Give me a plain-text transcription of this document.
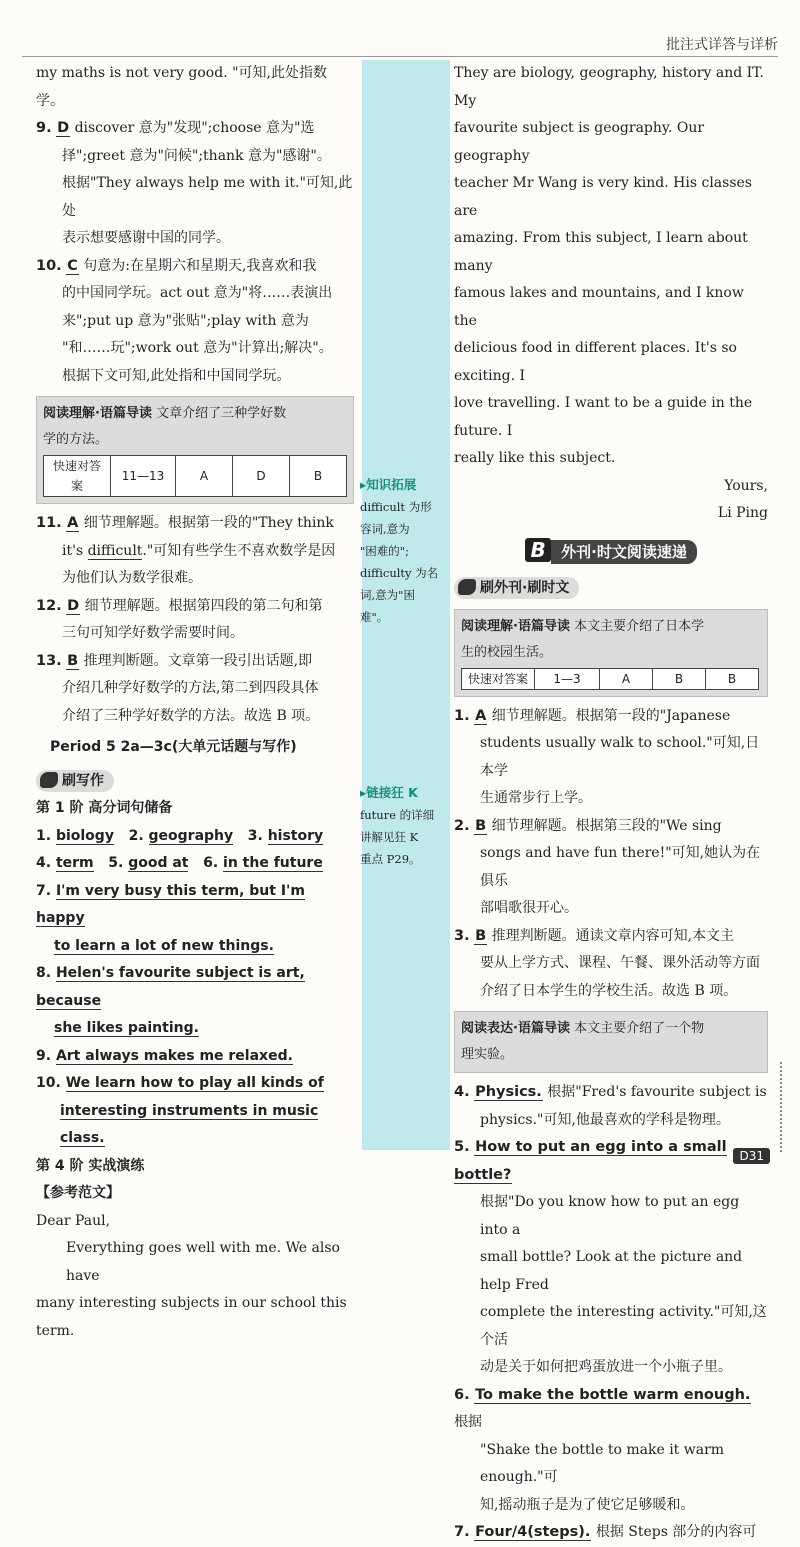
批注式详答与详析

my maths is not very good. "可知,此处指数学。

9. D discover 意为"发现";choose 意为"选
择";greet 意为"问候";thank 意为"感谢"。
根据"They always help me with it."可知,此处
表示想要感谢中国的同学。
10. C 句意为:在星期六和星期天,我喜欢和我
的中国同学玩。act out 意为"将……表演出
来";put up 意为"张贴";play with 意为
"和……玩";work out 意为"计算出;解决"。
根据下文可知,此处指和中国同学玩。
阅读理解·语篇导读 文章介绍了三种学好数
学的方法。
快速对答案	11—13	A	D	B
11. A 细节理解题。根据第一段的"They think
it's difficult."可知有些学生不喜欢数学是因
为他们认为数学很难。
12. D 细节理解题。根据第四段的第二句和第
三句可知学好数学需要时间。
13. B 推理判断题。文章第一段引出话题,即
介绍几种学好数学的方法,第二到四段具体
介绍了三种学好数学的方法。故选 B 项。
Period 5 2a—3c(大单元话题与写作)
刷写作
第 1 阶 高分词句储备
1. biology 2. geography 3. history
4. term 5. good at 6. in the future
7. I'm very busy this term, but I'm happy
to learn a lot of new things.
8. Helen's favourite subject is art, because
she likes painting.
9. Art always makes me relaxed.
10. We learn how to play all kinds of
interesting instruments in music
class.
第 4 阶 实战演练
【参考范文】
Dear Paul,
Everything goes well with me. We also have
many interesting subjects in our school this term.
▸知识拓展
difficult 为形
容词,意为
"困难的";
difficulty 为名
词,意为"困
难"。
▸链接狂 K
future 的详细
讲解见狂 K
重点 P29。
They are biology, geography, history and IT. My
favourite subject is geography. Our geography
teacher Mr Wang is very kind. His classes are
amazing. From this subject, I learn about many
famous lakes and mountains, and I know the
delicious food in different places. It's so exciting. I
love travelling. I want to be a guide in the future. I
really like this subject.
Yours,
Li Ping
B 外刊·时文阅读速递
刷外刊·刷时文
阅读理解·语篇导读 本文主要介绍了日本学
生的校园生活。
快速对答案	1—3	A	B	B
1. A 细节理解题。根据第一段的"Japanese
students usually walk to school."可知,日本学
生通常步行上学。
2. B 细节理解题。根据第三段的"We sing
songs and have fun there!"可知,她认为在俱乐
部唱歌很开心。
3. B 推理判断题。通读文章内容可知,本文主
要从上学方式、课程、午餐、课外活动等方面
介绍了日本学生的学校生活。故选 B 项。
阅读表达·语篇导读 本文主要介绍了一个物
理实验。
4. Physics. 根据"Fred's favourite subject is
physics."可知,他最喜欢的学科是物理。
5. How to put an egg into a small bottle?
根据"Do you know how to put an egg into a
small bottle? Look at the picture and help Fred
complete the interesting activity."可知,这个活
动是关于如何把鸡蛋放进一个小瓶子里。
6. To make the bottle warm enough. 根据
"Shake the bottle to make it warm enough."可
知,摇动瓶子是为了使它足够暖和。
7. Four/4(steps). 根据 Steps 部分的内容可
D31
